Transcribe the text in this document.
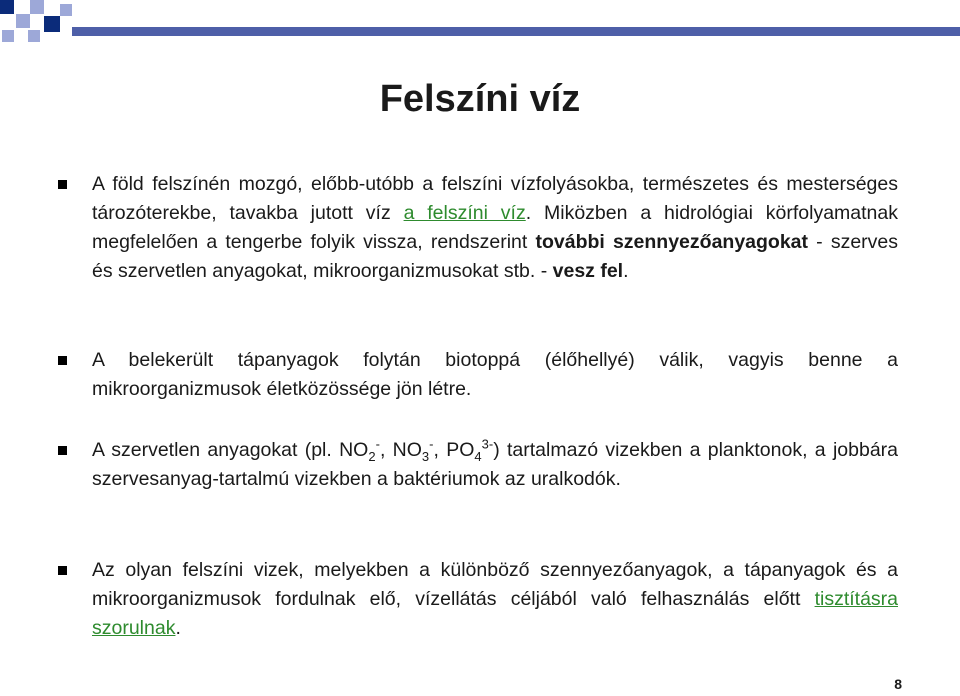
Felszíni víz
A föld felszínén mozgó, előbb-utóbb a felszíni vízfolyásokba, természetes és mesterséges tározóterekbe, tavakba jutott víz a felszíni víz. Miközben a hidrológiai körfolyamatnak megfelelően a tengerbe folyik vissza, rendszerint további szennyezőanyagokat - szerves és szervetlen anyagokat, mikroorganizmusokat stb. - vesz fel.
A belekerült tápanyagok folytán biotoppá (élőhellyé) válik, vagyis benne a mikroorganizmusok életközössége jön létre.
A szervetlen anyagokat (pl. $NO_2^-$, $NO_3^-$, $PO_4^{3-}$) tartalmazó vizekben a planktonok, a jobbára szervesanyag-tartalmú vizekben a baktériumok az uralkodók.
Az olyan felszíni vizek, melyekben a különböző szennyezőanyagok, a tápanyagok és a mikroorganizmusok fordulnak elő, vízellátás céljából való felhasználás előtt tisztításra szorulnak.
8
